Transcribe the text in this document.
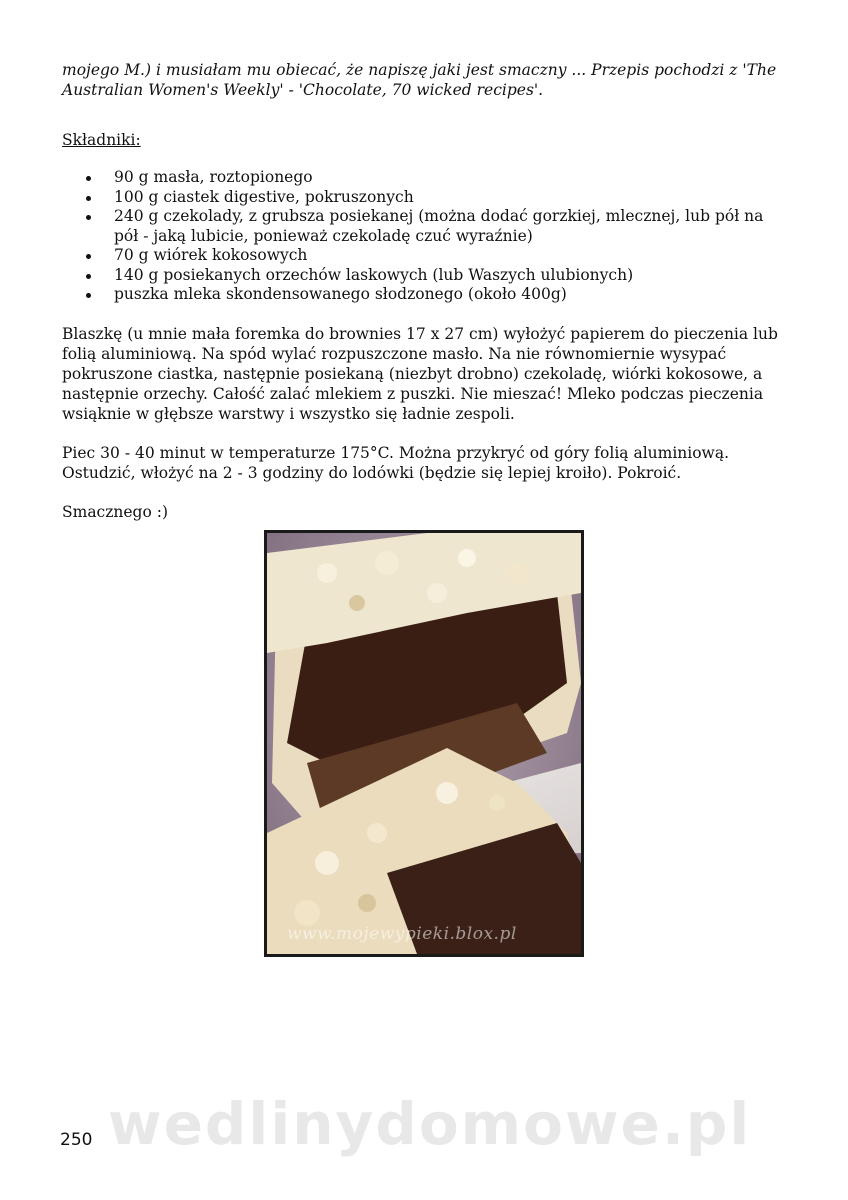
mojego M.) i musiałam mu obiecać, że napiszę jaki jest smaczny ... Przepis pochodzi z 'The Australian Women's Weekly' - 'Chocolate, 70 wicked recipes'.

Składniki:

90 g masła, roztopionego
100 g ciastek digestive, pokruszonych
240 g czekolady, z grubsza posiekanej (można dodać gorzkiej, mlecznej, lub pół na pół - jaką lubicie, ponieważ czekoladę czuć wyraźnie)
70 g wiórek kokosowych
140 g posiekanych orzechów laskowych (lub Waszych ulubionych)
puszka mleka skondensowanego słodzonego (około 400g)

Blaszkę (u mnie mała foremka do brownies 17 x 27 cm) wyłożyć papierem do pieczenia lub folią aluminiową. Na spód wylać rozpuszczone masło. Na nie równomiernie wysypać pokruszone ciastka, następnie posiekaną (niezbyt drobno) czekoladę, wiórki kokosowe, a następnie orzechy. Całość zalać mlekiem z puszki. Nie mieszać! Mleko podczas pieczenia wsiąknie w głębsze warstwy i wszystko się ładnie zespoli.

Piec 30 - 40 minut w temperaturze 175°C. Można przykryć od góry folią aluminiową. Ostudzić, włożyć na 2 - 3 godziny do lodówki (będzie się lepiej kroiło). Pokroić.

Smacznego :)

www.mojewypieki.blox.pl
wedlinydomowe.pl
250
